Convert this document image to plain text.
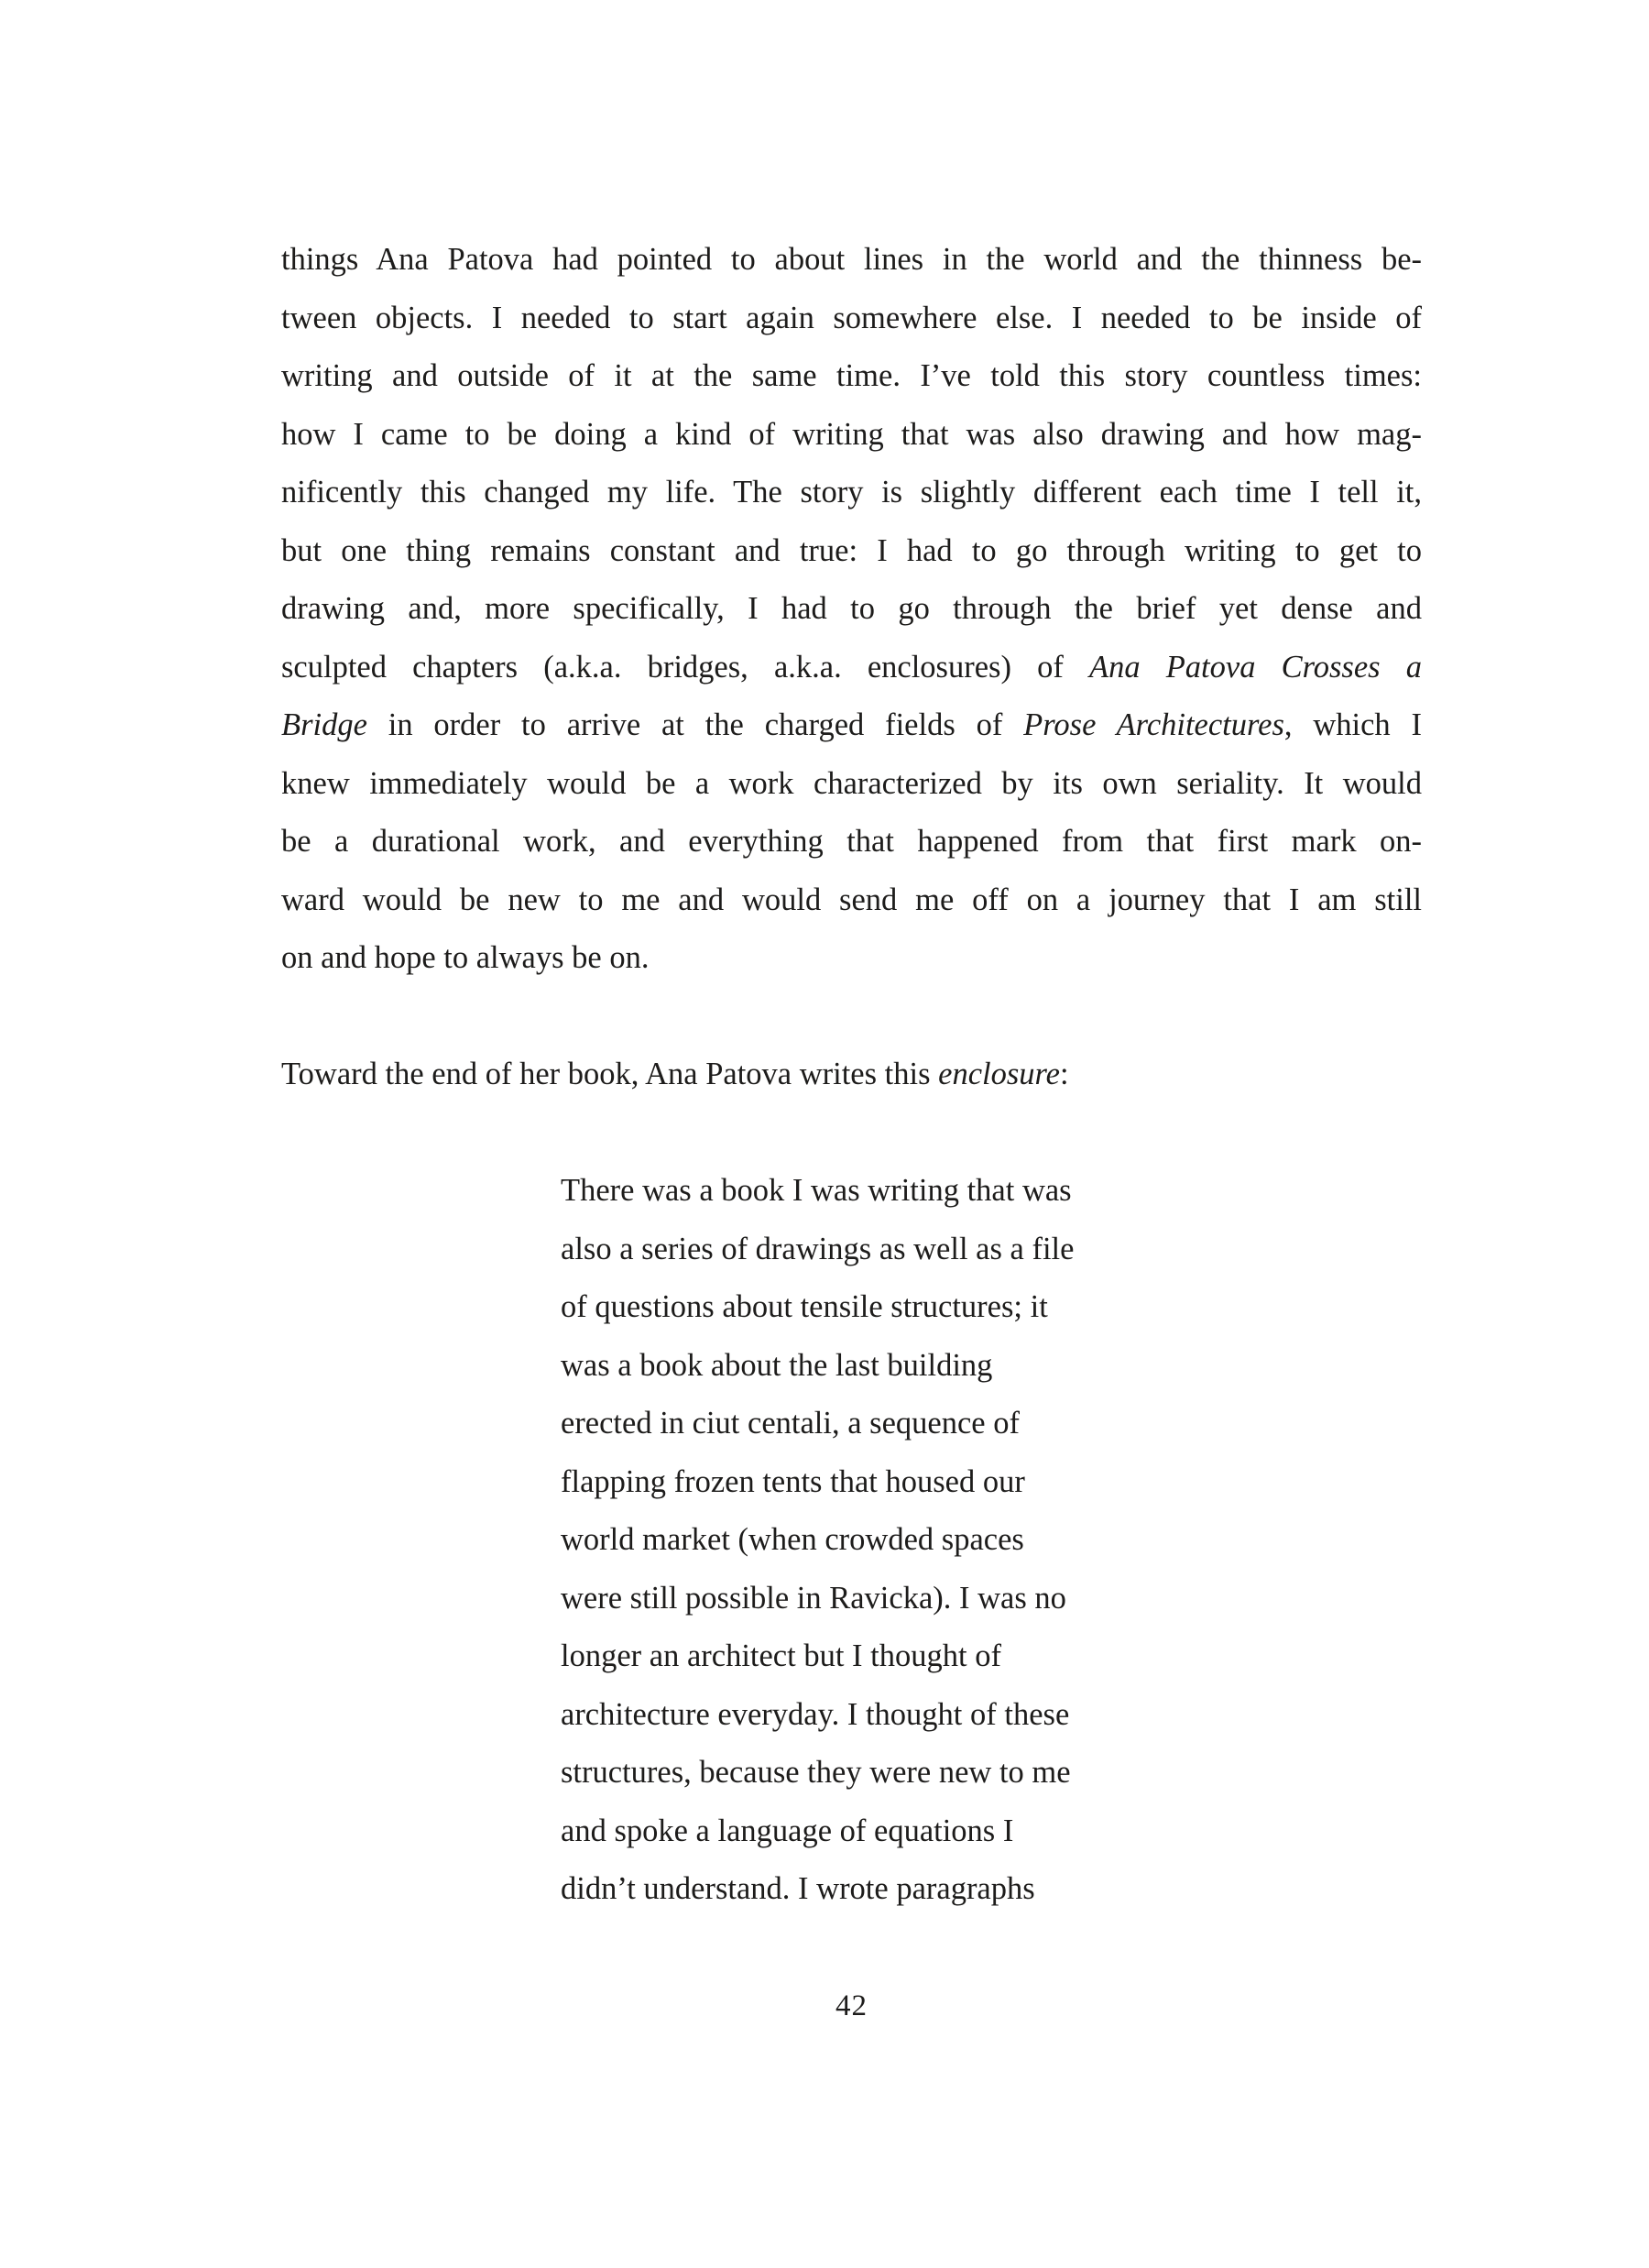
things Ana Patova had pointed to about lines in the world and the thinness be-
tween objects. I needed to start again somewhere else. I needed to be inside of
writing and outside of it at the same time. I’ve told this story countless times:
how I came to be doing a kind of writing that was also drawing and how mag-
nificently this changed my life. The story is slightly different each time I tell it,
but one thing remains constant and true: I had to go through writing to get to
drawing and, more specifically, I had to go through the brief yet dense and
sculpted chapters (a.k.a. bridges, a.k.a. enclosures) of Ana Patova Crosses a
Bridge in order to arrive at the charged fields of Prose Architectures, which I
knew immediately would be a work characterized by its own seriality. It would
be a durational work, and everything that happened from that first mark on-
ward would be new to me and would send me off on a journey that I am still
on and hope to always be on.
Toward the end of her book, Ana Patova writes this enclosure:
There was a book I was writing that was
also a series of drawings as well as a file
of questions about tensile structures; it
was a book about the last building
erected in ciut centali, a sequence of
flapping frozen tents that housed our
world market (when crowded spaces
were still possible in Ravicka). I was no
longer an architect but I thought of
architecture everyday. I thought of these
structures, because they were new to me
and spoke a language of equations I
didn’t understand. I wrote paragraphs
42
